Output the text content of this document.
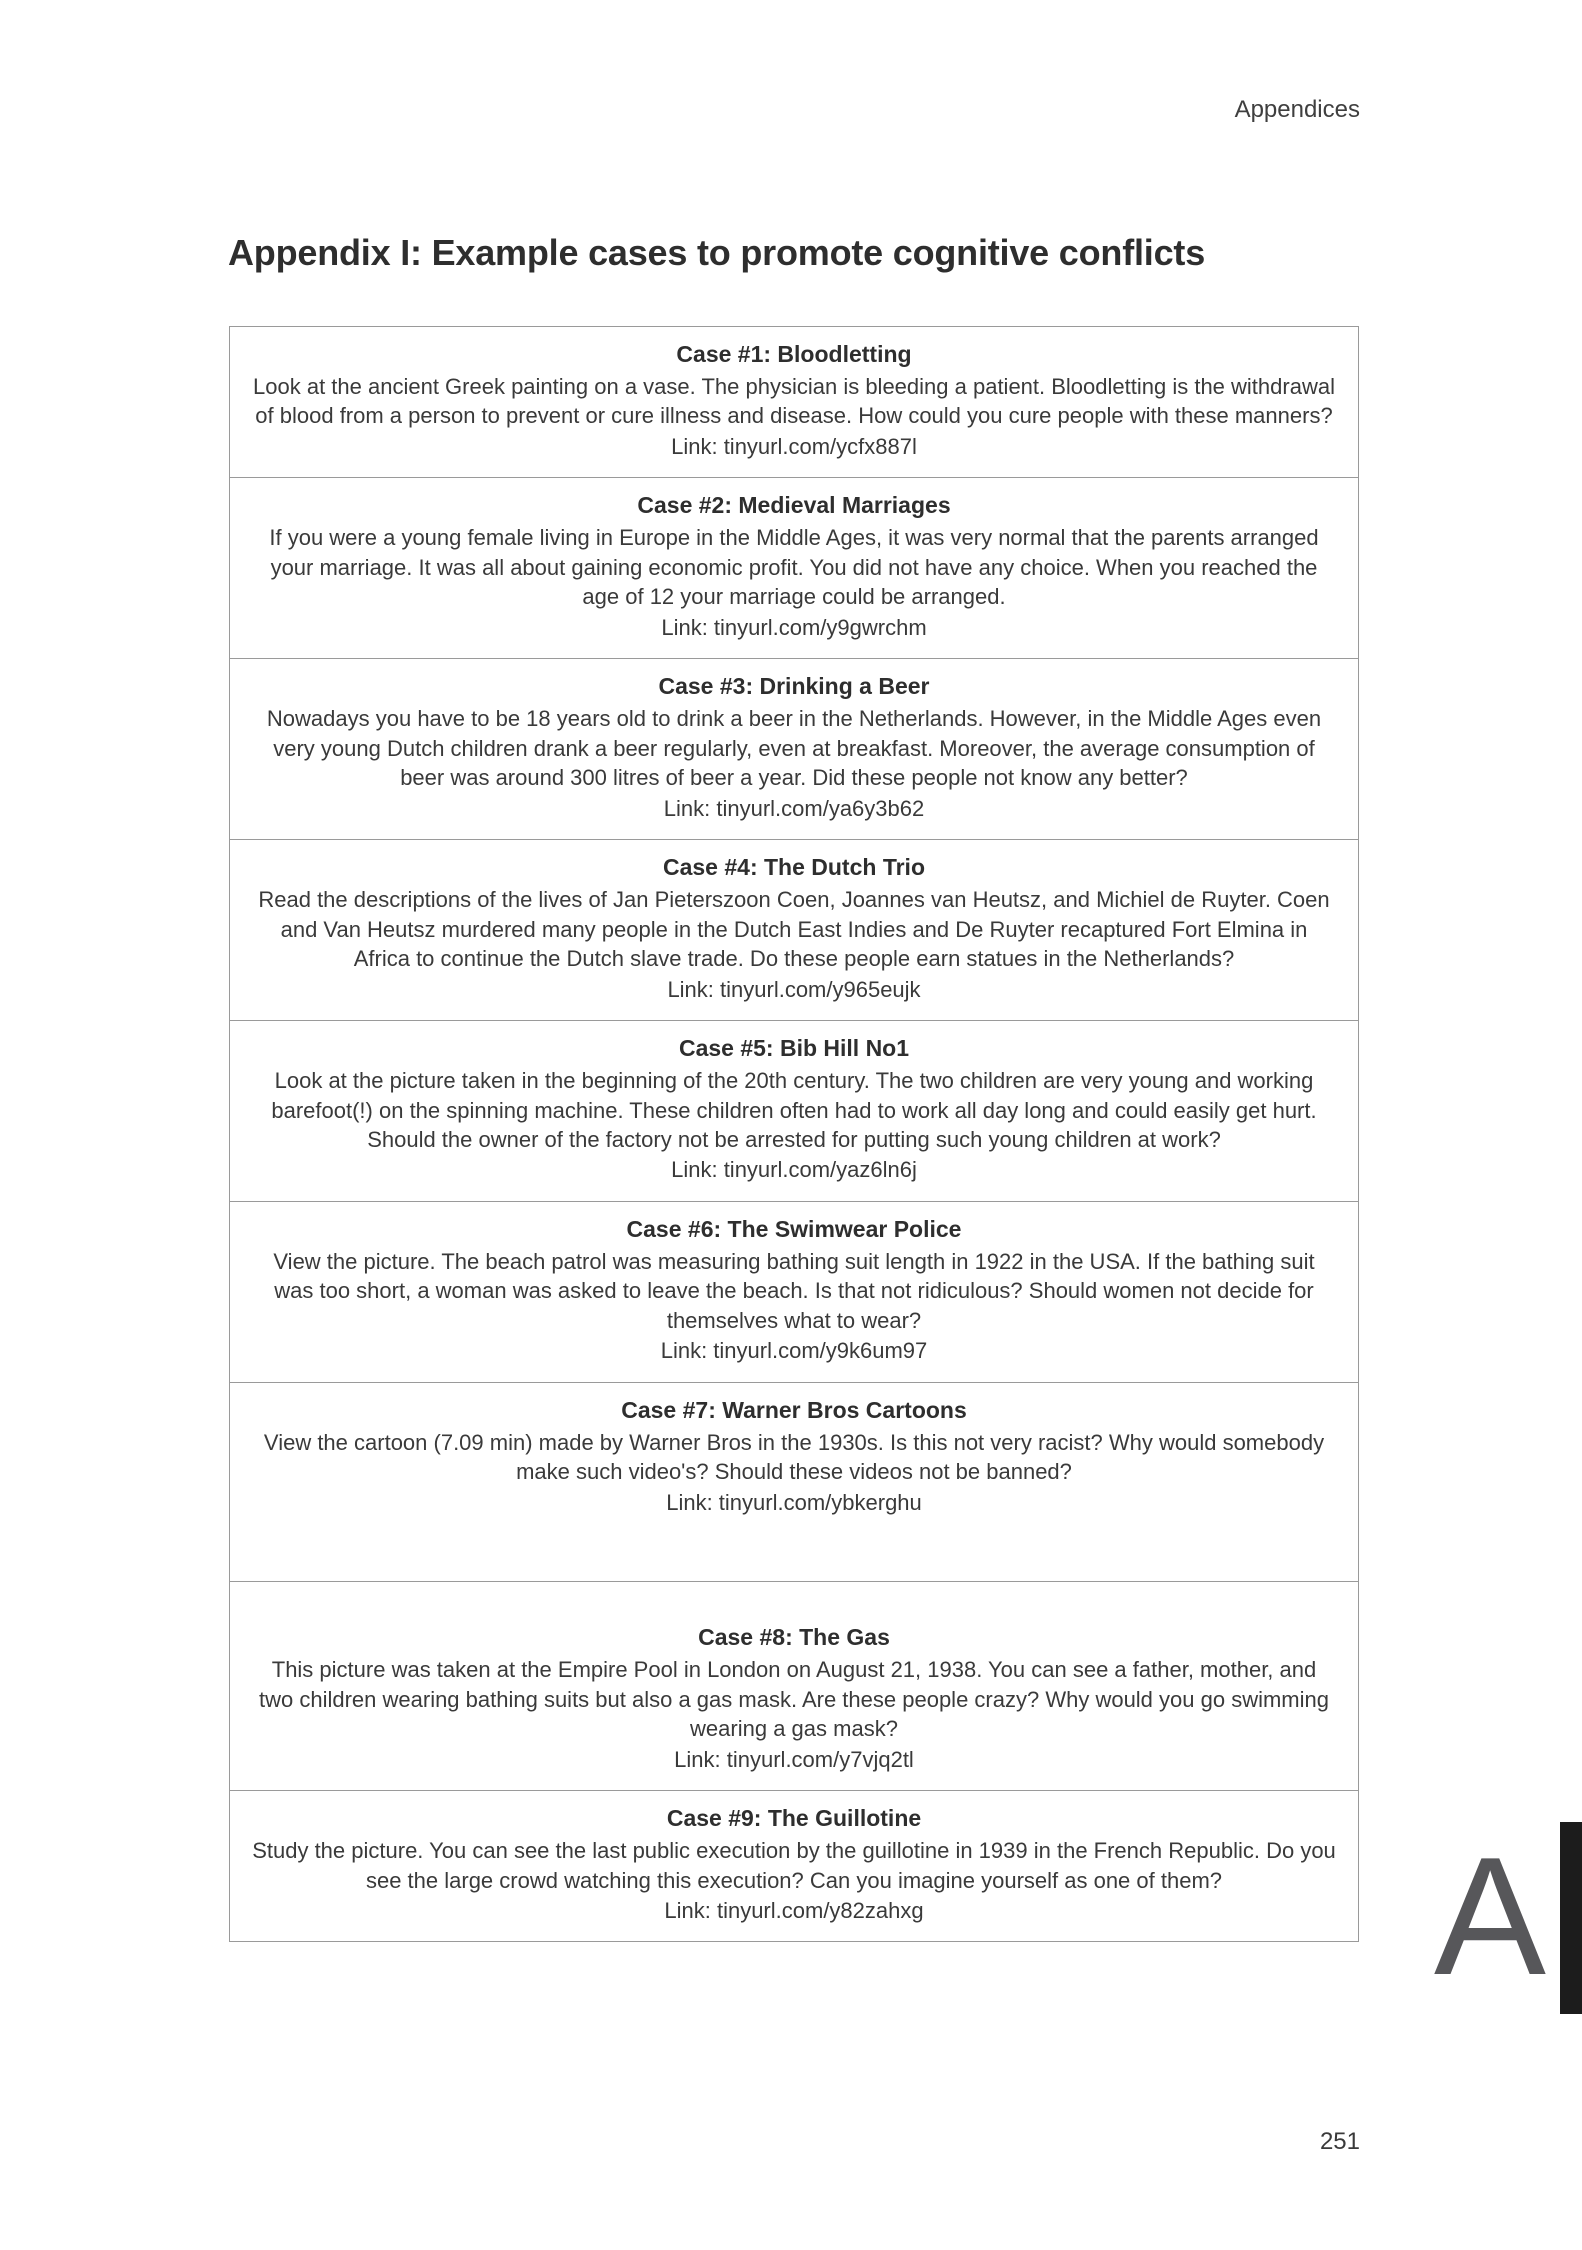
Appendices
Appendix I: Example cases to promote cognitive conflicts
Case #1: Bloodletting
Look at the ancient Greek painting on a vase. The physician is bleeding a patient. Bloodletting is the withdrawal of blood from a person to prevent or cure illness and disease. How could you cure people with these manners?
Link: tinyurl.com/ycfx887l
Case #2: Medieval Marriages
If you were a young female living in Europe in the Middle Ages, it was very normal that the parents arranged your marriage. It was all about gaining economic profit. You did not have any choice. When you reached the age of 12 your marriage could be arranged.
Link: tinyurl.com/y9gwrchm
Case #3: Drinking a Beer
Nowadays you have to be 18 years old to drink a beer in the Netherlands. However, in the Middle Ages even very young Dutch children drank a beer regularly, even at breakfast. Moreover, the average consumption of beer was around 300 litres of beer a year. Did these people not know any better?
Link: tinyurl.com/ya6y3b62
Case #4: The Dutch Trio
Read the descriptions of the lives of Jan Pieterszoon Coen, Joannes van Heutsz, and Michiel de Ruyter. Coen and Van Heutsz murdered many people in the Dutch East Indies and De Ruyter recaptured Fort Elmina in Africa to continue the Dutch slave trade. Do these people earn statues in the Netherlands?
Link: tinyurl.com/y965eujk
Case #5: Bib Hill No1
Look at the picture taken in the beginning of the 20th century. The two children are very young and working barefoot(!) on the spinning machine. These children often had to work all day long and could easily get hurt. Should the owner of the factory not be arrested for putting such young children at work?
Link: tinyurl.com/yaz6ln6j
Case #6: The Swimwear Police
View the picture. The beach patrol was measuring bathing suit length in 1922 in the USA. If the bathing suit was too short, a woman was asked to leave the beach. Is that not ridiculous? Should women not decide for themselves what to wear?
Link: tinyurl.com/y9k6um97
Case #7: Warner Bros Cartoons
View the cartoon (7.09 min) made by Warner Bros in the 1930s. Is this not very racist? Why would somebody make such video's? Should these videos not be banned?
Link: tinyurl.com/ybkerghu
Case #8: The Gas
This picture was taken at the Empire Pool in London on August 21, 1938. You can see a father, mother, and two children wearing bathing suits but also a gas mask. Are these people crazy? Why would you go swimming wearing a gas mask?
Link: tinyurl.com/y7vjq2tl
Case #9: The Guillotine
Study the picture. You can see the last public execution by the guillotine in 1939 in the French Republic. Do you see the large crowd watching this execution? Can you imagine yourself as one of them?
Link: tinyurl.com/y82zahxg	A
251
